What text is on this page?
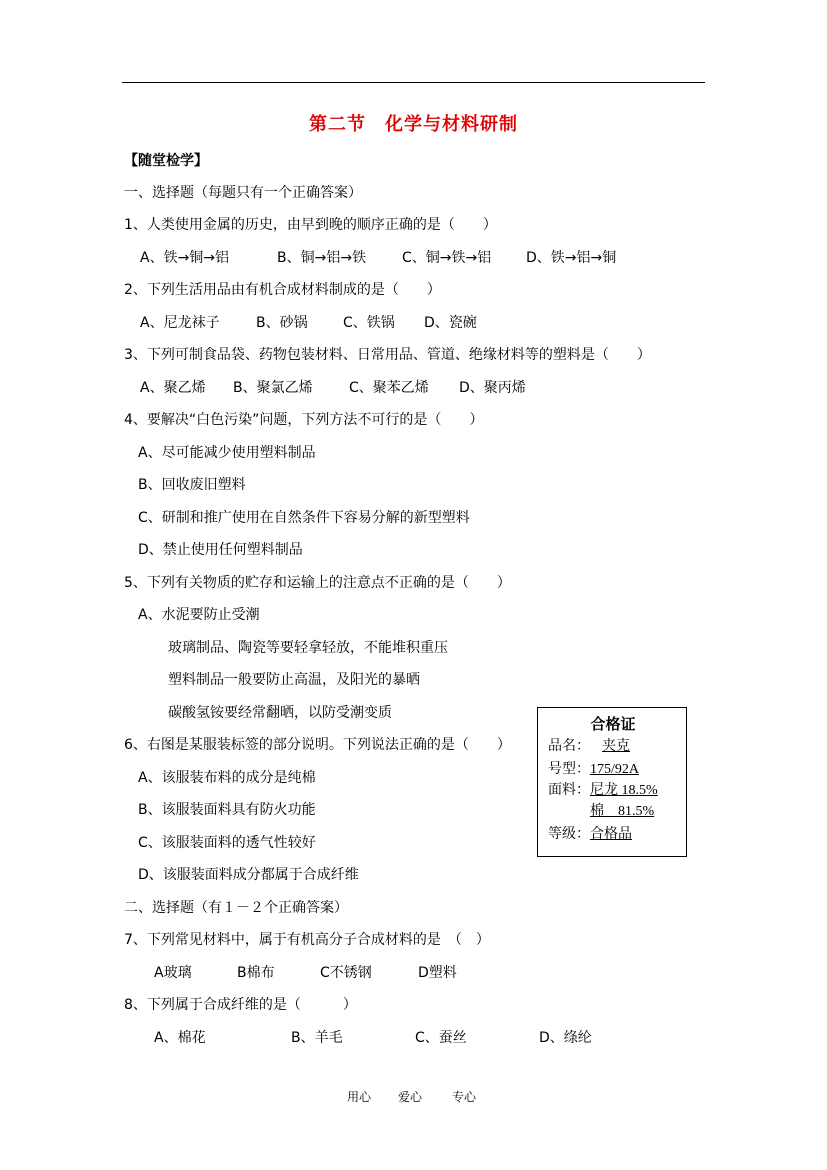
第二节　化学与材料研制
【随堂检学】
一、选择题（每题只有一个正确答案）
1、人类使用金属的历史，由早到晚的顺序正确的是（　　）
A、铁→铜→铝	B、铜→铝→铁	C、铜→铁→铝 D、铁→铝→铜
2、下列生活用品由有机合成材料制成的是（　　）
A、尼龙袜子	B、砂锅	C、铁锅 D、瓷碗
3、下列可制食品袋、药物包装材料、日常用品、管道、绝缘材料等的塑料是（　　）
A、聚乙烯 B、聚氯乙烯	C、聚苯乙烯 D、聚丙烯
4、要解决“白色污染”问题，下列方法不可行的是（　　）
A、尽可能减少使用塑料制品
B、回收废旧塑料
C、研制和推广使用在自然条件下容易分解的新型塑料
D、禁止使用任何塑料制品
5、下列有关物质的贮存和运输上的注意点不正确的是（　　）
A、水泥要防止受潮
玻璃制品、陶瓷等要轻拿轻放，不能堆积重压
塑料制品一般要防止高温，及阳光的暴晒
碳酸氢铵要经常翻晒，以防受潮变质
6、右图是某服装标签的部分说明。下列说法正确的是（　　）
A、该服装布料的成分是纯棉
B、该服装面料具有防火功能
C、该服装面料的透气性较好
D、该服装面料成分都属于合成纤维
合格证
品名： 夹克
号型：175/92A
面料：尼龙 18.5%
棉　81.5%
等级：合格品
二、选择题（有１－２个正确答案）
7、下列常见材料中，属于有机高分子合成材料的是　（　）
A玻璃	B棉布	C不锈钢	D塑料
8、下列属于合成纤维的是（　　　）
A、棉花	B、羊毛	C、蚕丝	D、绦纶
用心 爱心 专心
